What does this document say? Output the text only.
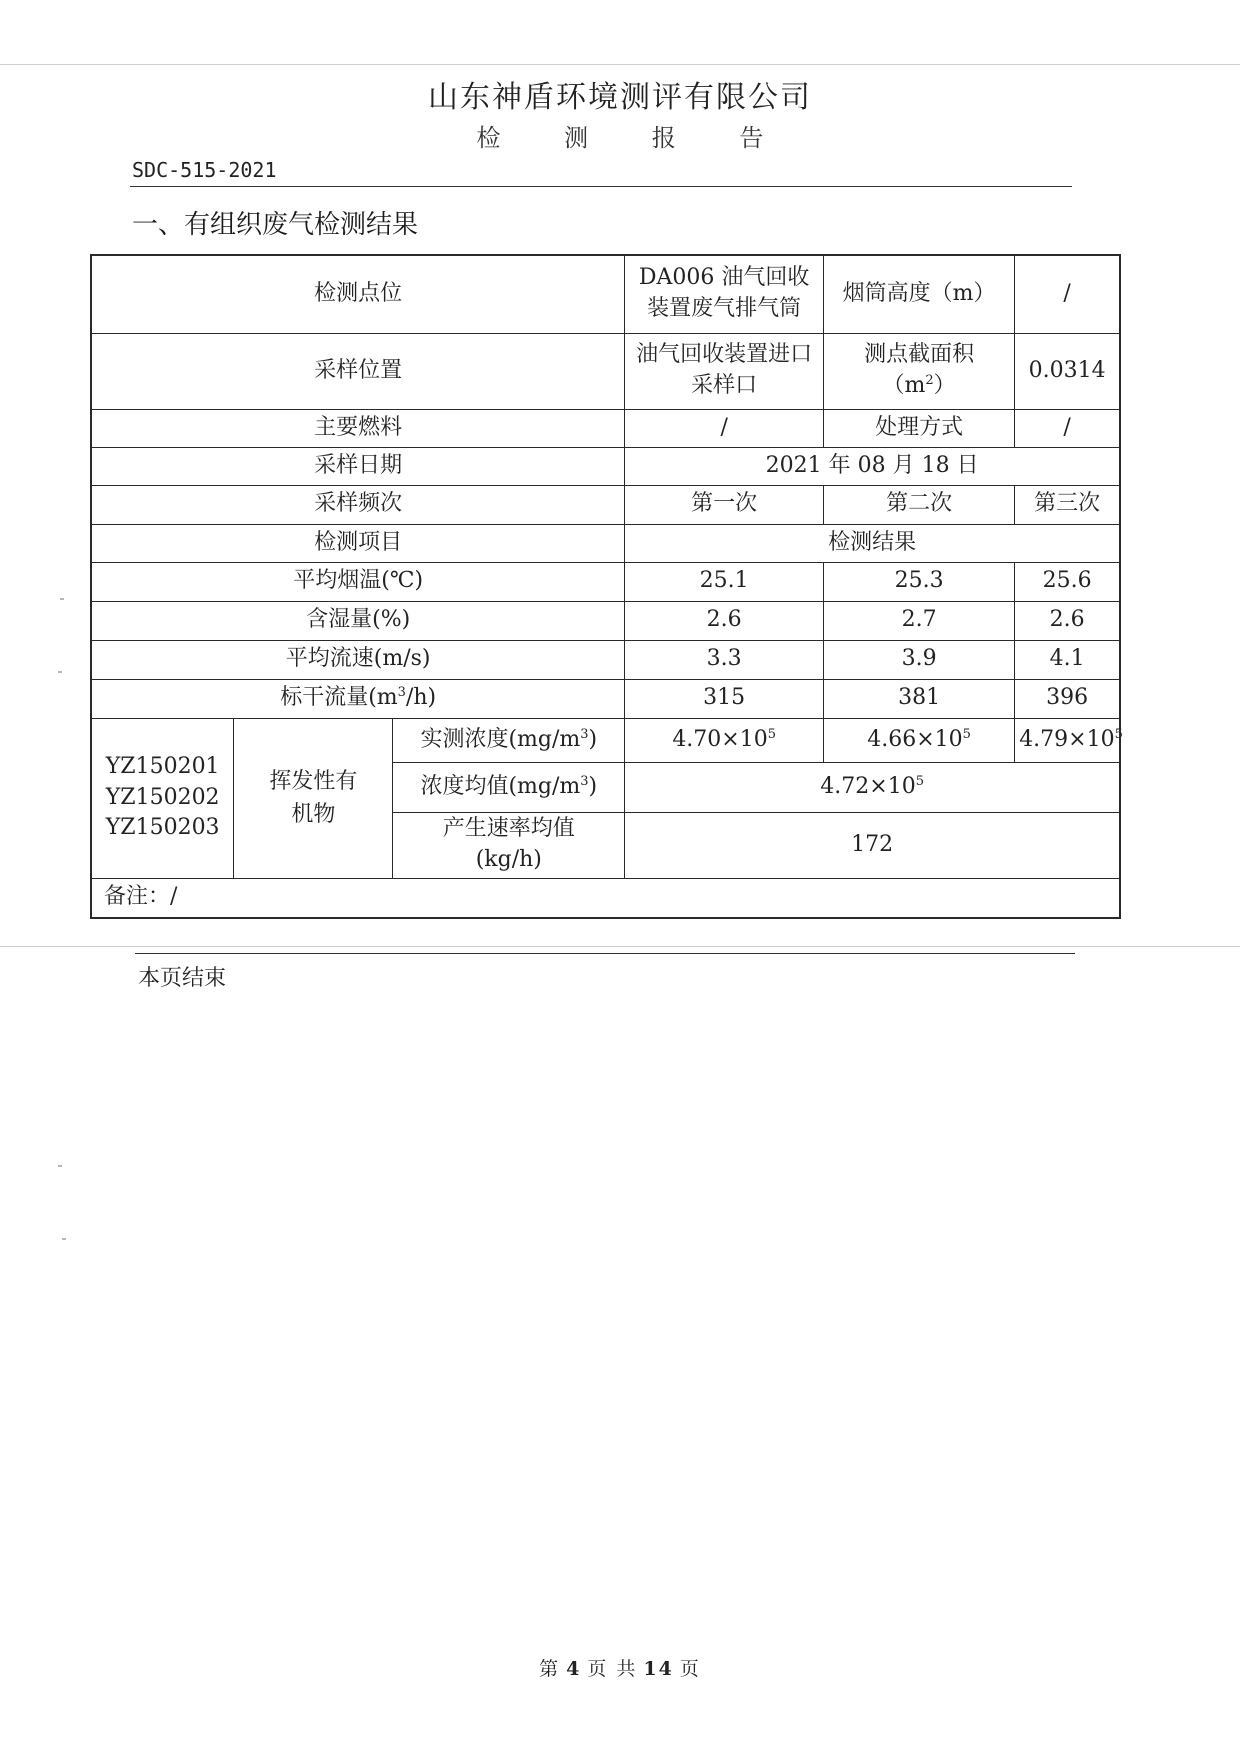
山东神盾环境测评有限公司
检 测 报 告
SDC-515-2021
一、有组织废气检测结果
检测点位			DA006 油气回收装置废气排气筒	烟筒高度（m）	/
采样位置			油气回收装置进口采样口	测点截面积$(m^2)$	0.0314
主要燃料			/	处理方式	/
采样日期			2021 年 08 月 18 日		
采样频次			第一次	第二次	第三次
检测项目			检测结果		
平均烟温(℃)			25.1	25.3	25.6
含湿量(%)			2.6	2.7	2.6
平均流速(m/s)			3.3	3.9	4.1
标干流量$(m^3/h)$			315	381	396

YZ150201
YZ150202
YZ150203	挥发性有机物	实测浓度$(mg/m^3)$	$4.70\times 10^5$	$4.66\times 10^5$	$4.79\times 10^5$
		浓度均值$(mg/m^3)$	$4.72\times 10^5$

		产生速率均值(kg/h)	172		
备注：/					
本页结束
第 4 页 共 14 页
